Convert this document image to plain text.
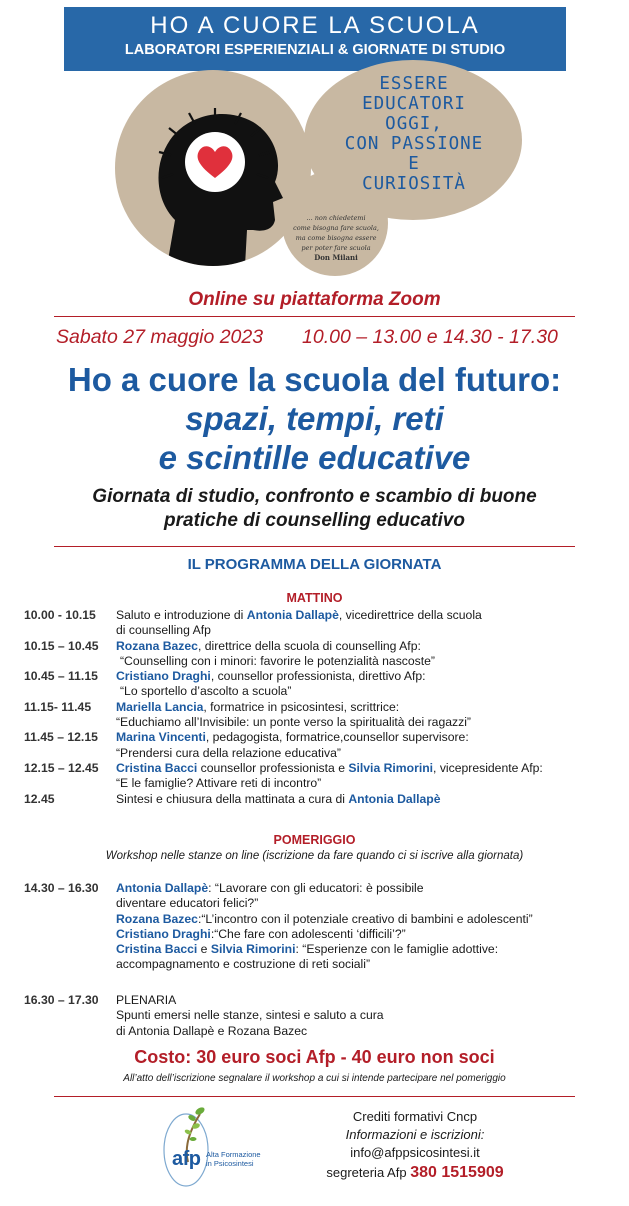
HO A CUORE LA SCUOLA
LABORATORI ESPERIENZIALI & GIORNATE DI STUDIO
ESSERE
EDUCATORI
OGGI,
CON PASSIONE
E
CURIOSITÀ
... non chiedetemi
come bisogna fare scuola,
ma come bisogna essere
per poter fare scuola
Don Milani
Online su piattaforma Zoom
Sabato 27 maggio 2023 10.00 – 13.00 e 14.30 - 17.30
Ho a cuore la scuola del futuro:
spazi, tempi, reti
e scintille educative
Giornata di studio, confronto e scambio di buone
pratiche di counselling educativo
IL PROGRAMMA DELLA GIORNATA
MATTINO
10.00 - 10.15	Saluto e introduzione di Antonia Dallapè, vicedirettrice della scuola
di counselling Afp
10.15 – 10.45	Rozana Bazec, direttrice della scuola di counselling Afp:
“Counselling con i minori: favorire le potenzialità nascoste”
10.45 – 11.15	Cristiano Draghi, counsellor professionista, direttivo Afp:
“Lo sportello d’ascolto a scuola”
11.15- 11.45	Mariella Lancia, formatrice in psicosintesi, scrittrice:
“Educhiamo all’Invisibile: un ponte verso la spiritualità dei ragazzi”
11.45 – 12.15	Marina Vincenti, pedagogista, formatrice,counsellor supervisore:
“Prendersi cura della relazione educativa”
12.15 – 12.45	Cristina Bacci counsellor professionista e Silvia Rimorini, vicepresidente Afp:
“E le famiglie? Attivare reti di incontro”
12.45	Sintesi e chiusura della mattinata a cura di Antonia Dallapè
POMERIGGIO
Workshop nelle stanze on line (iscrizione da fare quando ci si iscrive alla giornata)
14.30 – 16.30	Antonia Dallapè: “Lavorare con gli educatori: è possibile
diventare educatori felici?”
Rozana Bazec:“L’incontro con il potenziale creativo di bambini e adolescenti”
Cristiano Draghi:“Che fare con adolescenti ‘difficili’?”
Cristina Bacci e Silvia Rimorini: “Esperienze con le famiglie adottive:
accompagnamento e costruzione di reti sociali”
16.30 – 17.30	PLENARIA
Spunti emersi nelle stanze, sintesi e saluto a cura
di Antonia Dallapè e Rozana Bazec
Costo: 30 euro soci Afp - 40 euro non soci
All’atto dell’iscrizione segnalare il workshop a cui si intende partecipare nel pomeriggio
afp Alta Formazione
in Psicosintesi
Crediti formativi Cncp
Informazioni e iscrizioni:
info@afppsicosintesi.it
segreteria Afp 380 1515909
